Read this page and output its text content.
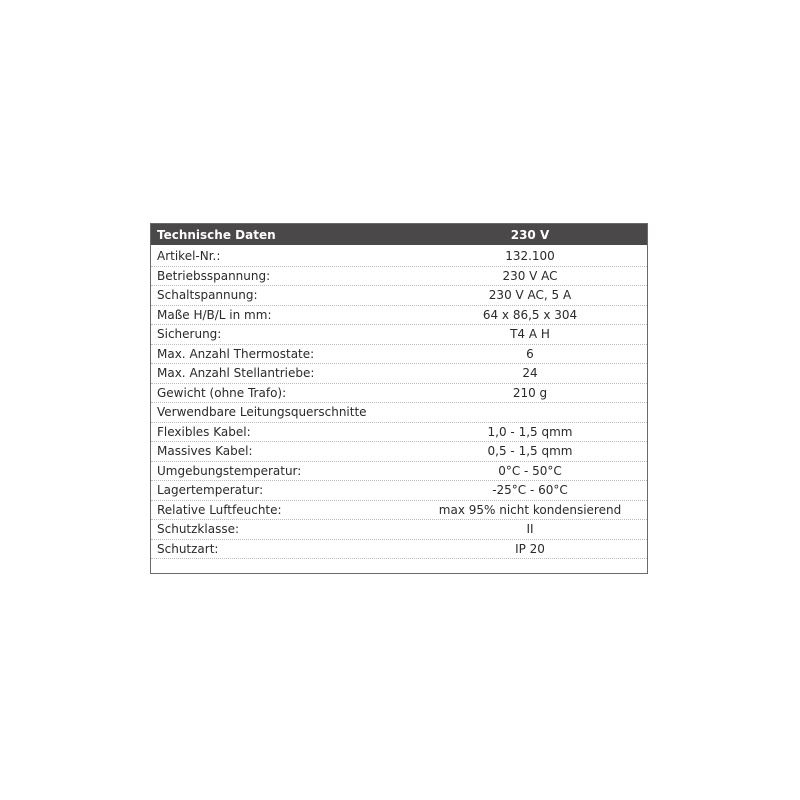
Technische Daten	230 V
Artikel-Nr.:	132.100
Betriebsspannung:	230 V AC
Schaltspannung:	230 V AC, 5 A
Maße H/B/L in mm:	64 x 86,5 x 304
Sicherung:	T4 A H
Max. Anzahl Thermostate:	6
Max. Anzahl Stellantriebe:	24
Gewicht (ohne Trafo):	210 g
Verwendbare Leitungsquerschnitte
Flexibles Kabel:	1,0 - 1,5 qmm
Massives Kabel:	0,5 - 1,5 qmm
Umgebungstemperatur:	0°C - 50°C
Lagertemperatur:	-25°C - 60°C
Relative Luftfeuchte:	max 95% nicht kondensierend
Schutzklasse:	II
Schutzart:	IP 20
